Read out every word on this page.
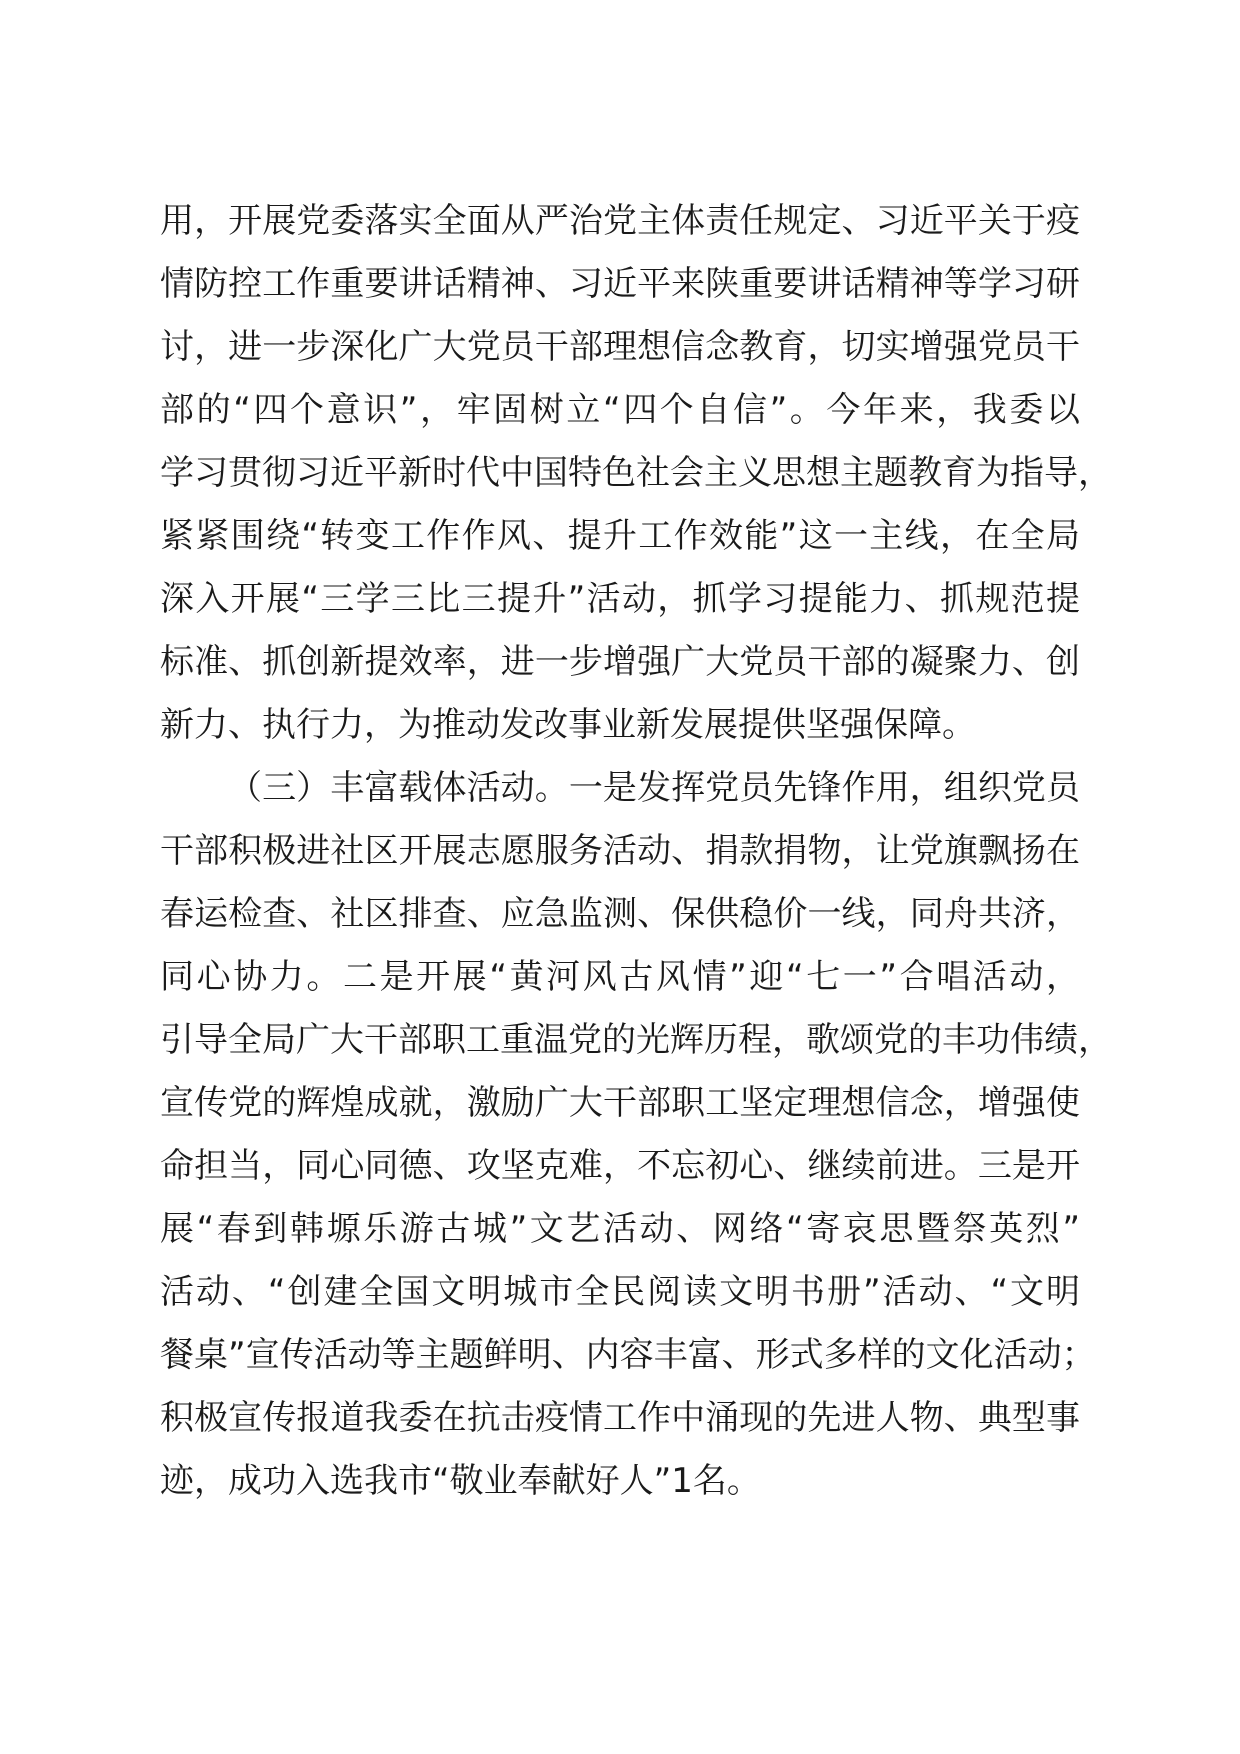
用，开展党委落实全面从严治党主体责任规定、习近平关于疫
情防控工作重要讲话精神、习近平来陕重要讲话精神等学习研
讨，进一步深化广大党员干部理想信念教育，切实增强党员干
部的“四个意识”，牢固树立“四个自信”。今年来，我委以
学习贯彻习近平新时代中国特色社会主义思想主题教育为指导，
紧紧围绕“转变工作作风、提升工作效能”这一主线，在全局
深入开展“三学三比三提升”活动，抓学习提能力、抓规范提
标准、抓创新提效率，进一步增强广大党员干部的凝聚力、创
新力、执行力，为推动发改事业新发展提供坚强保障。
（三）丰富载体活动。一是发挥党员先锋作用，组织党员
干部积极进社区开展志愿服务活动、捐款捐物，让党旗飘扬在
春运检查、社区排查、应急监测、保供稳价一线，同舟共济，
同心协力。二是开展“黄河风古风情”迎“七一”合唱活动，
引导全局广大干部职工重温党的光辉历程，歌颂党的丰功伟绩，
宣传党的辉煌成就，激励广大干部职工坚定理想信念，增强使
命担当，同心同德、攻坚克难，不忘初心、继续前进。三是开
展“春到韩塬乐游古城”文艺活动、网络“寄哀思暨祭英烈”
活动、“创建全国文明城市全民阅读文明书册”活动、“文明
餐桌”宣传活动等主题鲜明、内容丰富、形式多样的文化活动；
积极宣传报道我委在抗击疫情工作中涌现的先进人物、典型事
迹，成功入选我市“敬业奉献好人”1名。
